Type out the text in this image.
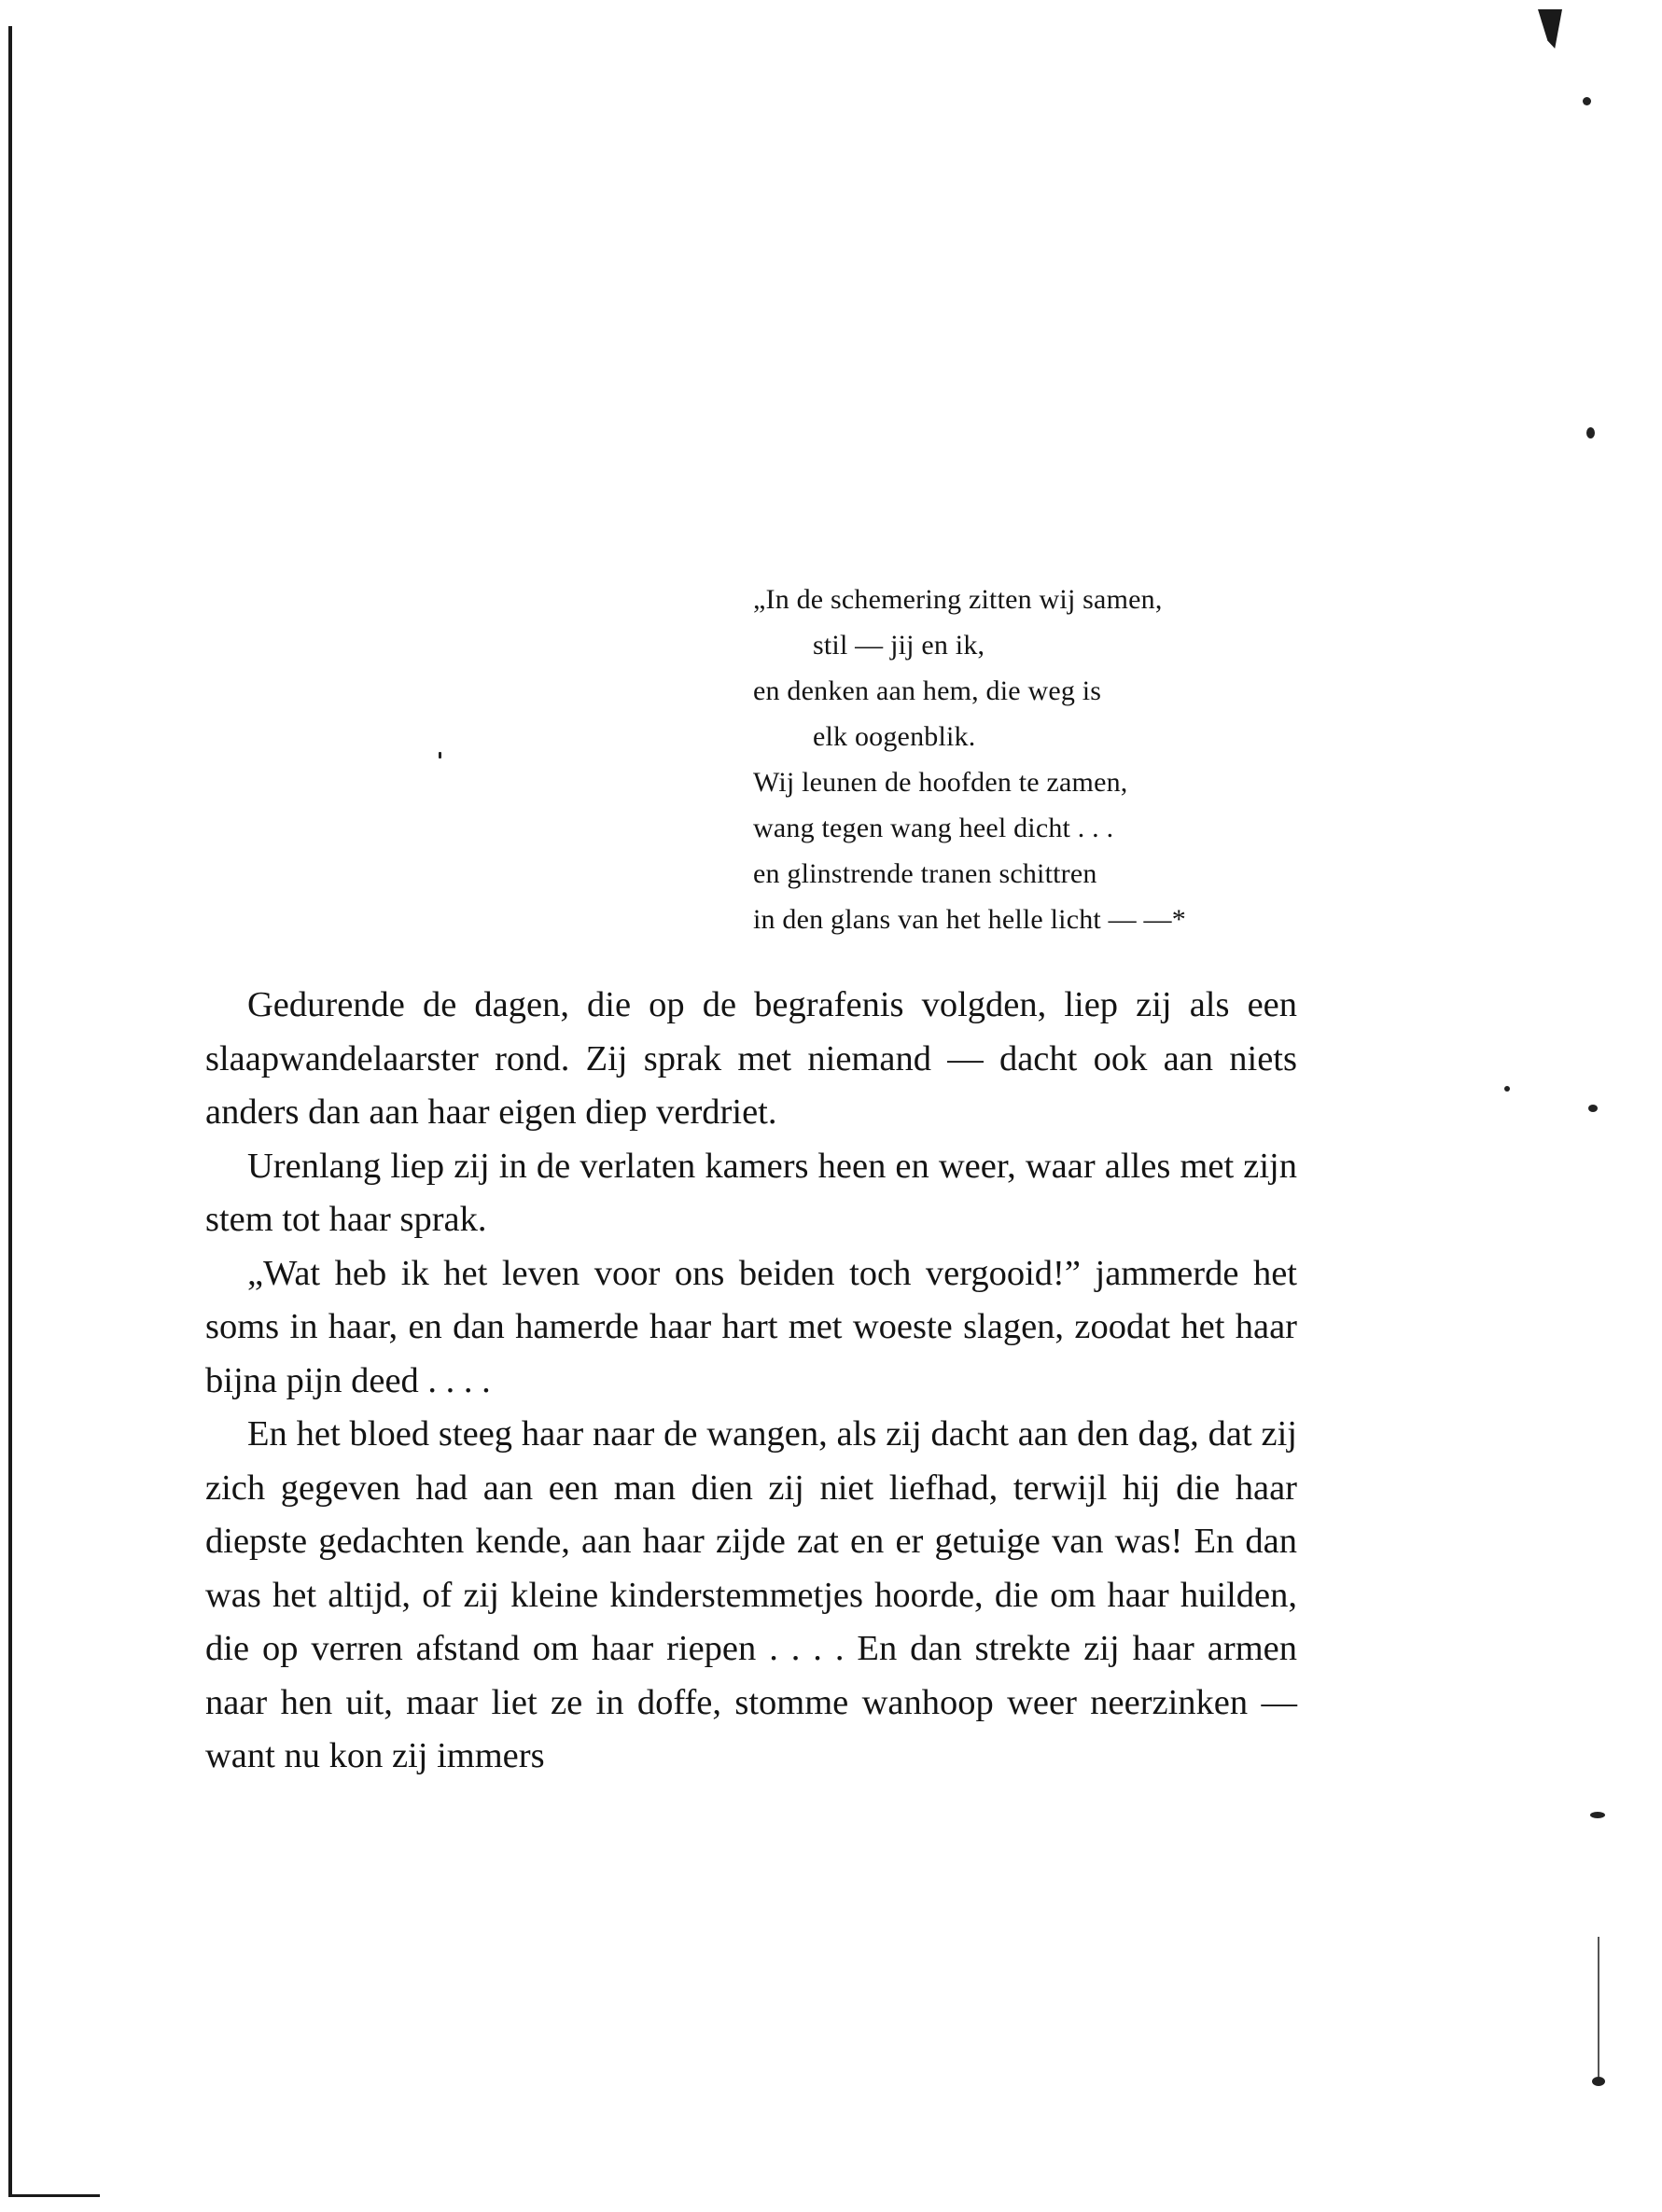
„In de schemering zitten wij samen,
stil — jij en ik,
en denken aan hem, die weg is
elk oogenblik.
Wij leunen de hoofden te zamen,
wang tegen wang heel dicht . . .
en glinstrende tranen schittren
in den glans van het helle licht — —*

Gedurende de dagen, die op de begrafenis volgden, liep zij als een slaapwandelaarster rond. Zij sprak met niemand — dacht ook aan niets anders dan aan haar eigen diep verdriet.

Urenlang liep zij in de verlaten kamers heen en weer, waar alles met zijn stem tot haar sprak.

„Wat heb ik het leven voor ons beiden toch vergooid!” jammerde het soms in haar, en dan hamerde haar hart met woeste slagen, zoodat het haar bijna pijn deed . . . .

En het bloed steeg haar naar de wangen, als zij dacht aan den dag, dat zij zich gegeven had aan een man dien zij niet liefhad, terwijl hij die haar diepste gedachten kende, aan haar zijde zat en er getuige van was! En dan was het altijd, of zij kleine kinderstemmetjes hoorde, die om haar huilden, die op verren afstand om haar riepen . . . . En dan strekte zij haar armen naar hen uit, maar liet ze in doffe, stomme wanhoop weer neerzinken — want nu kon zij immers
